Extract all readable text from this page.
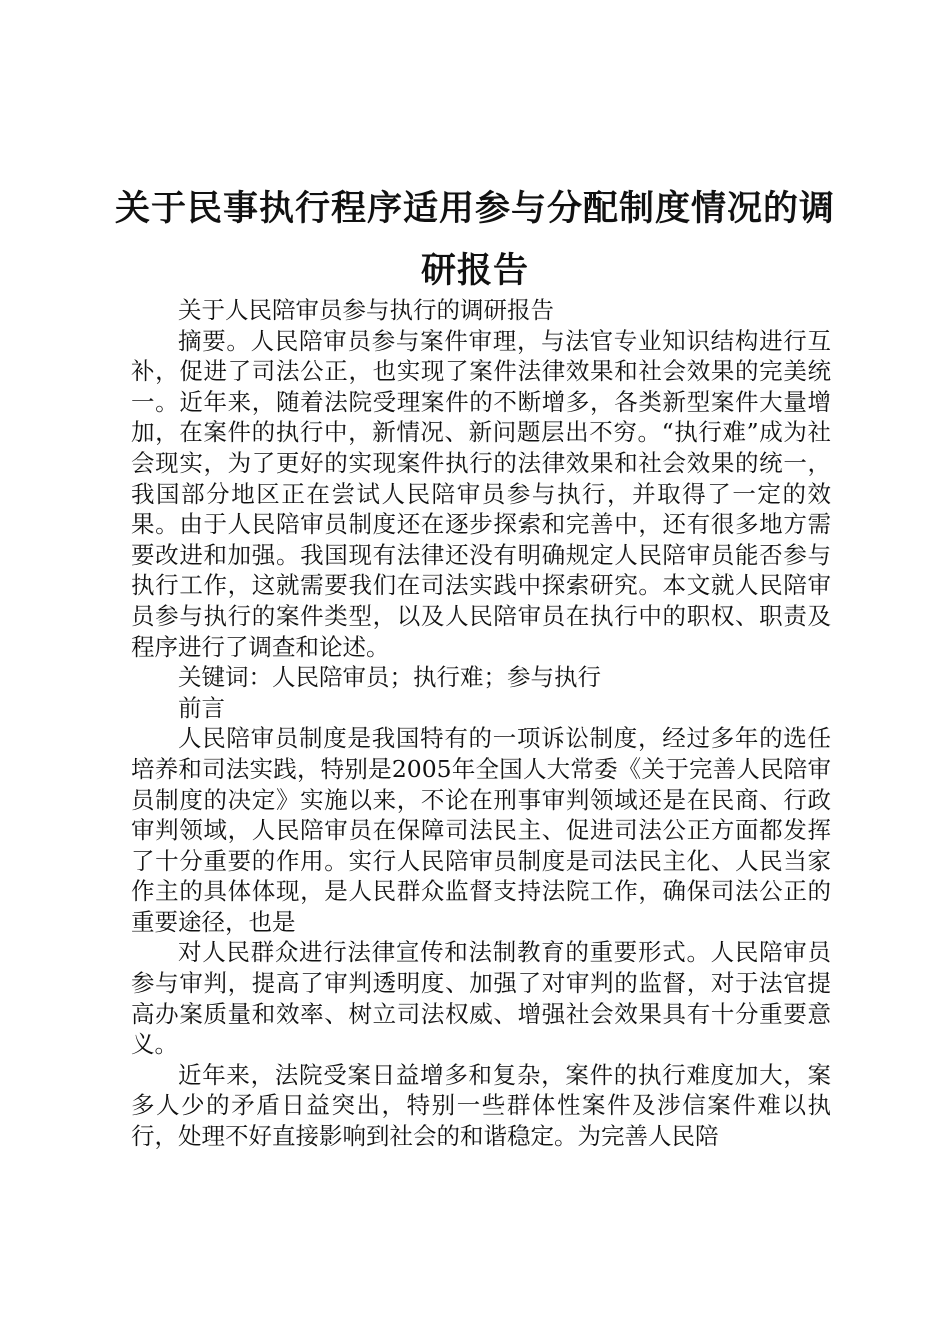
关于民事执行程序适用参与分配制度情况的调研报告

关于人民陪审员参与执行的调研报告

摘要。人民陪审员参与案件审理，与法官专业知识结构进行互补，促进了司法公正，也实现了案件法律效果和社会效果的完美统一。近年来，随着法院受理案件的不断增多，各类新型案件大量增加，在案件的执行中，新情况、新问题层出不穷。“执行难”成为社会现实，为了更好的实现案件执行的法律效果和社会效果的统一，我国部分地区正在尝试人民陪审员参与执行，并取得了一定的效果。由于人民陪审员制度还在逐步探索和完善中，还有很多地方需要改进和加强。我国现有法律还没有明确规定人民陪审员能否参与执行工作，这就需要我们在司法实践中探索研究。本文就人民陪审员参与执行的案件类型，以及人民陪审员在执行中的职权、职责及程序进行了调查和论述。

关键词：人民陪审员；执行难；参与执行

前言

人民陪审员制度是我国特有的一项诉讼制度，经过多年的选任培养和司法实践，特别是2005年全国人大常委《关于完善人民陪审员制度的决定》实施以来，不论在刑事审判领域还是在民商、行政审判领域，人民陪审员在保障司法民主、促进司法公正方面都发挥了十分重要的作用。实行人民陪审员制度是司法民主化、人民当家作主的具体体现，是人民群众监督支持法院工作，确保司法公正的重要途径，也是

对人民群众进行法律宣传和法制教育的重要形式。人民陪审员参与审判，提高了审判透明度、加强了对审判的监督，对于法官提高办案质量和效率、树立司法权威、增强社会效果具有十分重要意义。

近年来，法院受案日益增多和复杂，案件的执行难度加大，案多人少的矛盾日益突出，特别一些群体性案件及涉信案件难以执行，处理不好直接影响到社会的和谐稳定。为完善人民陪
